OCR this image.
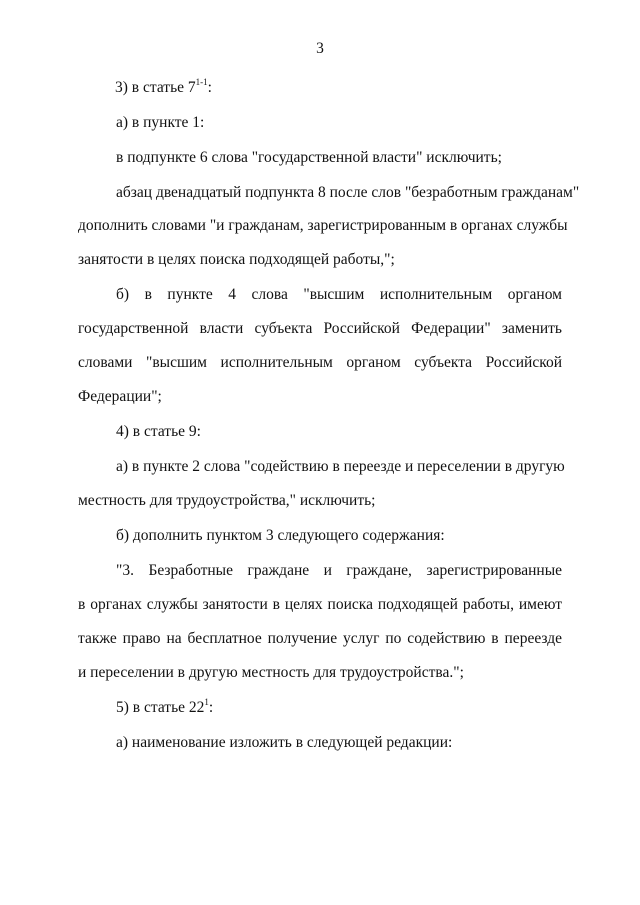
3
3) в статье 7$^{1-1}$:
а) в пункте 1:
в подпункте 6 слова "государственной власти" исключить;
абзац двенадцатый подпункта 8 после слов "безработным гражданам"
дополнить словами "и гражданам, зарегистрированным в органах службы
занятости в целях поиска подходящей работы,";
б) в пункте 4 слова "высшим исполнительным органом
государственной власти субъекта Российской Федерации" заменить
словами "высшим исполнительным органом субъекта Российской
Федерации";
4) в статье 9:
а) в пункте 2 слова "содействию в переезде и переселении в другую
местность для трудоустройства," исключить;
б) дополнить пунктом 3 следующего содержания:
"3. Безработные граждане и граждане, зарегистрированные
в органах службы занятости в целях поиска подходящей работы, имеют
также право на бесплатное получение услуг по содействию в переезде
и переселении в другую местность для трудоустройства.";
5) в статье $22^1$:
а) наименование изложить в следующей редакции:
